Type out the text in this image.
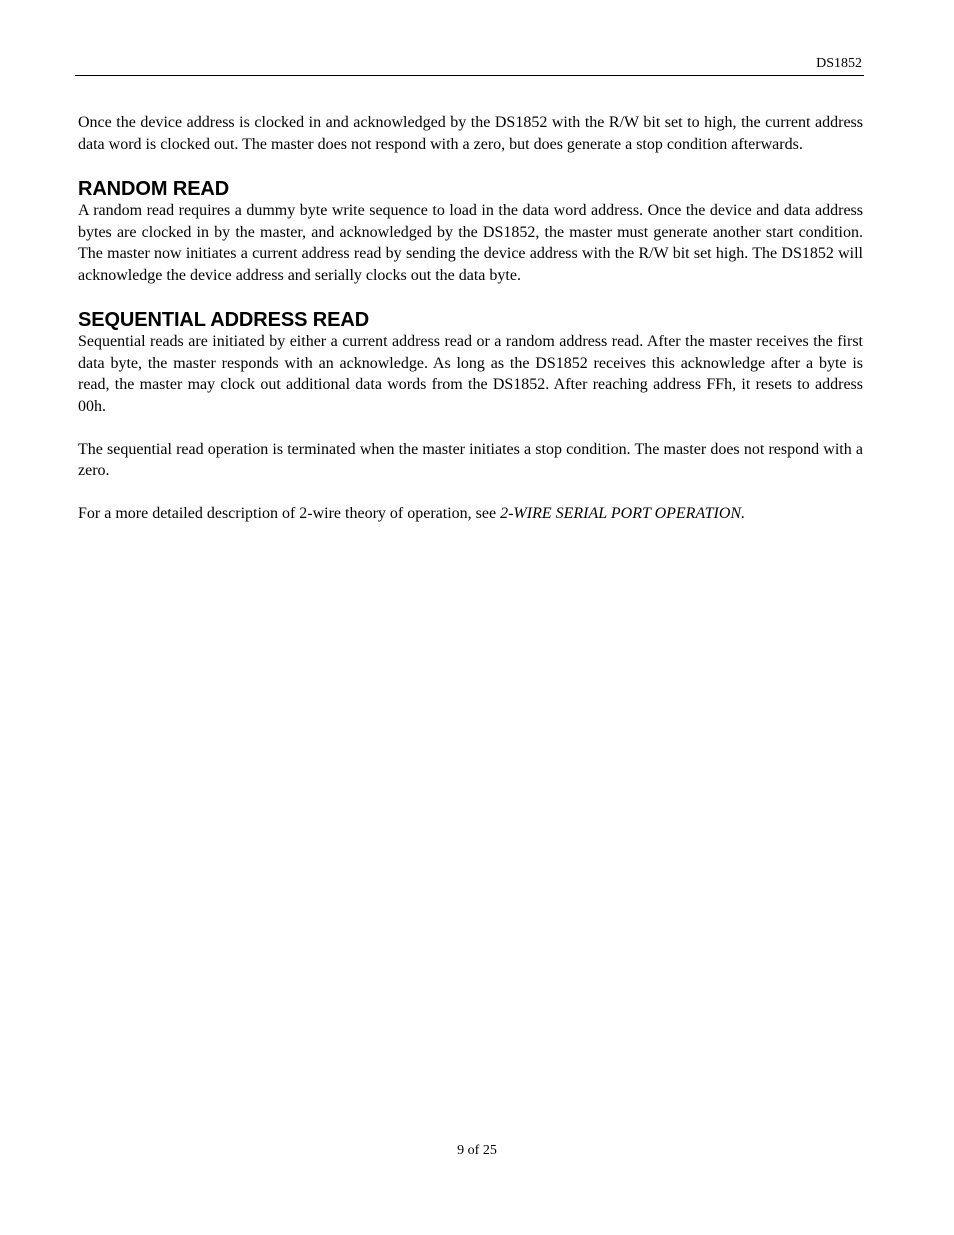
DS1852

Once the device address is clocked in and acknowledged by the DS1852 with the R/W bit set to high, the current address data word is clocked out. The master does not respond with a zero, but does generate a stop condition afterwards.

RANDOM READ

A random read requires a dummy byte write sequence to load in the data word address. Once the device and data address bytes are clocked in by the master, and acknowledged by the DS1852, the master must generate another start condition. The master now initiates a current address read by sending the device address with the R/W bit set high. The DS1852 will acknowledge the device address and serially clocks out the data byte.

SEQUENTIAL ADDRESS READ

Sequential reads are initiated by either a current address read or a random address read. After the master receives the first data byte, the master responds with an acknowledge. As long as the DS1852 receives this acknowledge after a byte is read, the master may clock out additional data words from the DS1852. After reaching address FFh, it resets to address 00h.

The sequential read operation is terminated when the master initiates a stop condition. The master does not respond with a zero.

For a more detailed description of 2-wire theory of operation, see 2-WIRE SERIAL PORT OPERATION.

9 of 25
